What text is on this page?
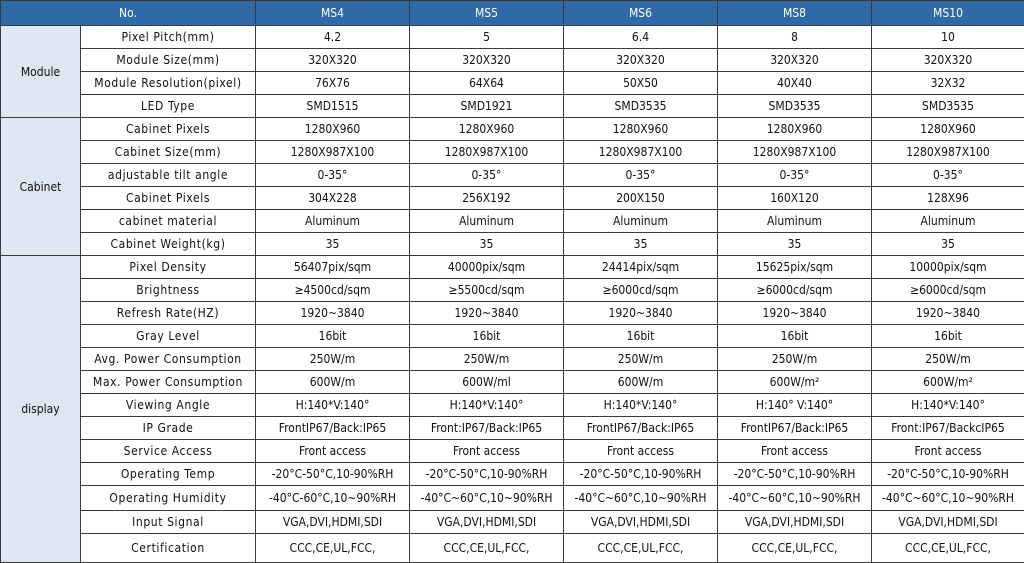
No.		MS4	MS5	MS6	MS8	MS10
Module	Pixel Pitch(mm)	4.2	5	6.4	8	10
	Module Size(mm)	320X320	320X320	320X320	320X320	320X320
	Module Resolution(pixel)	76X76	64X64	50X50	40X40	32X32
	LED Type	SMD1515	SMD1921	SMD3535	SMD3535	SMD3535
Cabinet	Cabinet Pixels	1280X960	1280X960	1280X960	1280X960	1280X960
	Cabinet Size(mm)	1280X987X100	1280X987X100	1280X987X100	1280X987X100	1280X987X100
	adjustable tilt angle	0-35°	0-35°	0-35°	0-35°	0-35°
	Cabinet Pixels	304X228	256X192	200X150	160X120	128X96
	cabinet material	Aluminum	Aluminum	Aluminum	Aluminum	Aluminum
	Cabinet Weight(kg)	35	35	35	35	35
display	Pixel Density	56407pix/sqm	40000pix/sqm	24414pix/sqm	15625pix/sqm	10000pix/sqm
	Brightness	≥4500cd/sqm	≥5500cd/sqm	≥6000cd/sqm	≥6000cd/sqm	≥6000cd/sqm
	Refresh Rate(HZ)	1920~3840	1920~3840	1920~3840	1920~3840	1920~3840
	Gray Level	16bit	16bit	16bit	16bit	16bit
	Avg. Power Consumption	250W/m	250W/m	250W/m	250W/m	250W/m
	Max. Power Consumption	600W/m	600W/ml	600W/m	600W/m²	600W/m²
	Viewing Angle	H:140*V:140°	H:140*V:140°	H:140*V:140°	H:140° V:140°	H:140*V:140°
	IP Grade	FrontIP67/Back:IP65	Front:IP67/Back:IP65	FrontIP67/Back:IP65	FrontIP67/Back:IP65	Front:IP67/BackcIP65
	Service Access	Front access	Front access	Front access	Front access	Front access
	Operating Temp	-20°C-50°C,10-90%RH	-20°C-50°C,10-90%RH	-20°C-50°C,10-90%RH	-20°C-50°C,10-90%RH	-20°C-50°C,10-90%RH
	Operating Humidity	-40°C-60°C,10~90%RH	-40°C~60°C,10~90%RH	-40°C~60°C,10~90%RH	-40°C~60°C,10~90%RH	-40°C~60°C,10~90%RH
	Input Signal	VGA,DVI,HDMI,SDI	VGA,DVI,HDMI,SDI	VGA,DVI,HDMI,SDI	VGA,DVI,HDMI,SDI	VGA,DVI,HDMI,SDI
	Certification	CCC,CE,UL,FCC,	CCC,CE,UL,FCC,	CCC,CE,UL,FCC,	CCC,CE,UL,FCC,	CCC,CE,UL,FCC,
